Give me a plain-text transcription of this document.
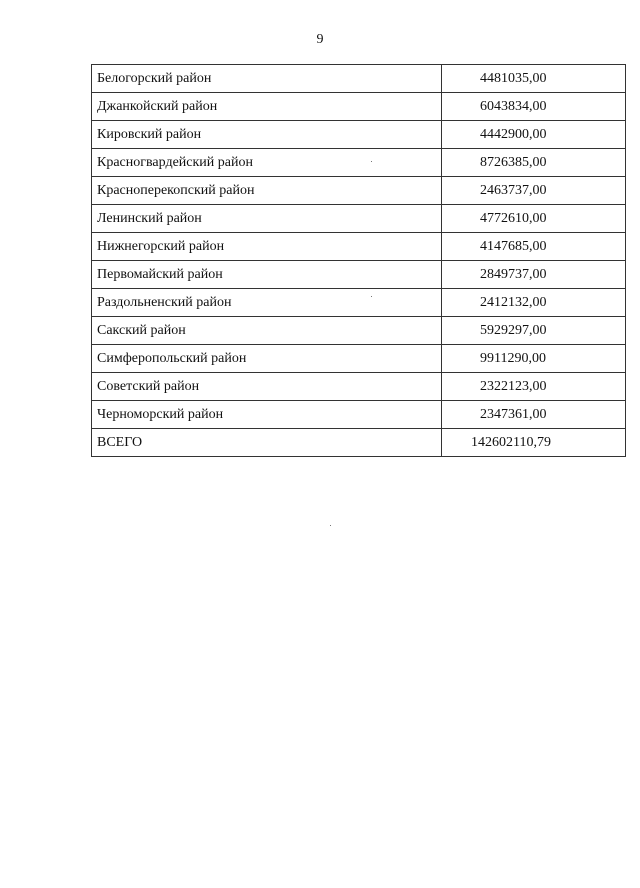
9
Белогорский район	4481035,00
Джанкойский район	6043834,00
Кировский район	4442900,00
Красногвардейский район	8726385,00
Красноперекопский район	2463737,00
Ленинский район	4772610,00
Нижнегорский район	4147685,00
Первомайский район	2849737,00
Раздольненский район	2412132,00
Сакский район	5929297,00
Симферопольский район	9911290,00
Советский район	2322123,00
Черноморский район	2347361,00
ВСЕГО	142602110,79
